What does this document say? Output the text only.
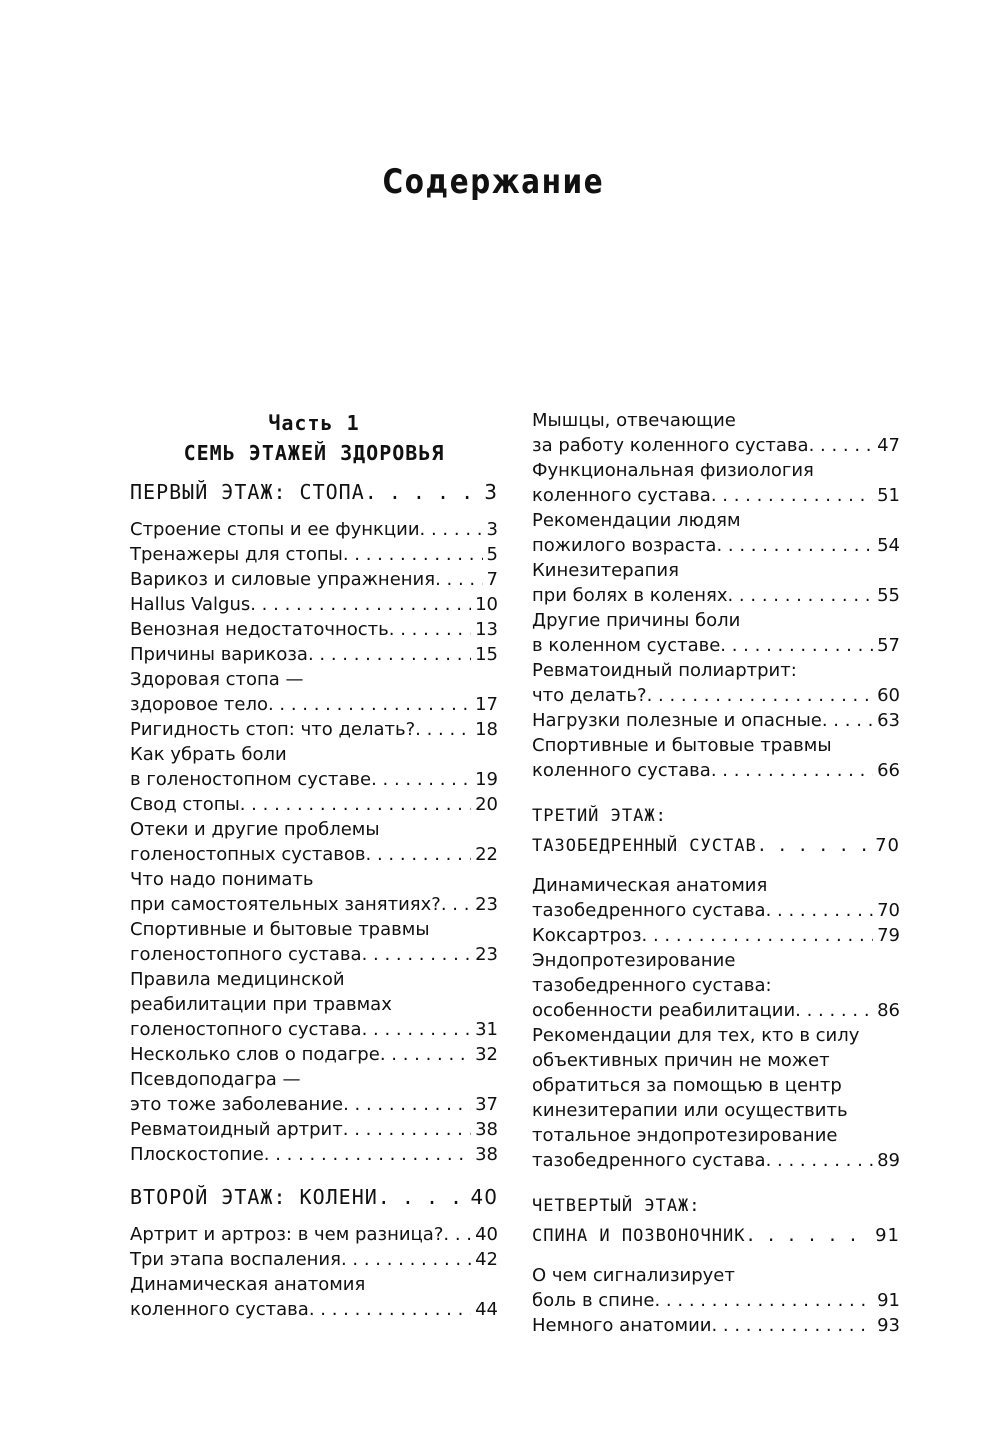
Содержание
Часть 1
СЕМЬ ЭТАЖЕЙ ЗДОРОВЬЯ
ПЕРВЫЙ ЭТАЖ: СТОПА . . .	3
Строение стопы и ее функции . . .	3
Тренажеры для стопы . . .	5
Варикоз и силовые упражнения . . .	7
Hallus Valgus . . .	10
Венозная недостаточность . . .	13
Причины варикоза . . .	15
Здоровая стопа —
здоровое тело . . .	17
Ригидность стоп: что делать? . . .	18
Как убрать боли
в голеностопном суставе . . .	19
Свод стопы . . .	20
Отеки и другие проблемы
голеностопных суставов . . .	22
Что надо понимать
при самостоятельных занятиях? . . . 23
Спортивные и бытовые травмы
голеностопного сустава . . .	23
Правила медицинской
реабилитации при травмах
голеностопного сустава . . .	31
Несколько слов о подагре . . .	32
Псевдоподагра —
это тоже заболевание . . .	37
Ревматоидный артрит . . .	38
Плоскостопие . . .	38
ВТОРОЙ ЭТАЖ: КОЛЕНИ . . .	40
Артрит и артроз: в чем разница? . . . 40
Три этапа воспаления . . .	42
Динамическая анатомия
коленного сустава . . .	44
Мышцы, отвечающие
за работу коленного сустава . . .	47
Функциональная физиология
коленного сустава . . .	51
Рекомендации людям
пожилого возраста . . .	54
Кинезитерапия
при болях в коленях . . .	55
Другие причины боли
в коленном суставе . . .	57
Ревматоидный полиартрит:
что делать? . . .	60
Нагрузки полезные и опасные . . .	63
Спортивные и бытовые травмы
коленного сустава . . .	66
ТРЕТИЙ ЭТАЖ:
ТАЗОБЕДРЕННЫЙ СУСТАВ . . .	70
Динамическая анатомия
тазобедренного сустава . . .	70
Коксартроз . . .	79
Эндопротезирование
тазобедренного сустава:
особенности реабилитации . . .	86
Рекомендации для тех, кто в силу
объективных причин не может
обратиться за помощью в центр
кинезитерапии или осуществить
тотальное эндопротезирование
тазобедренного сустава . . .	89
ЧЕТВЕРТЫЙ ЭТАЖ:
СПИНА И ПОЗВОНОЧНИК . . .	91
О чем сигнализирует
боль в спине . . .	91
Немного анатомии . . .	93
